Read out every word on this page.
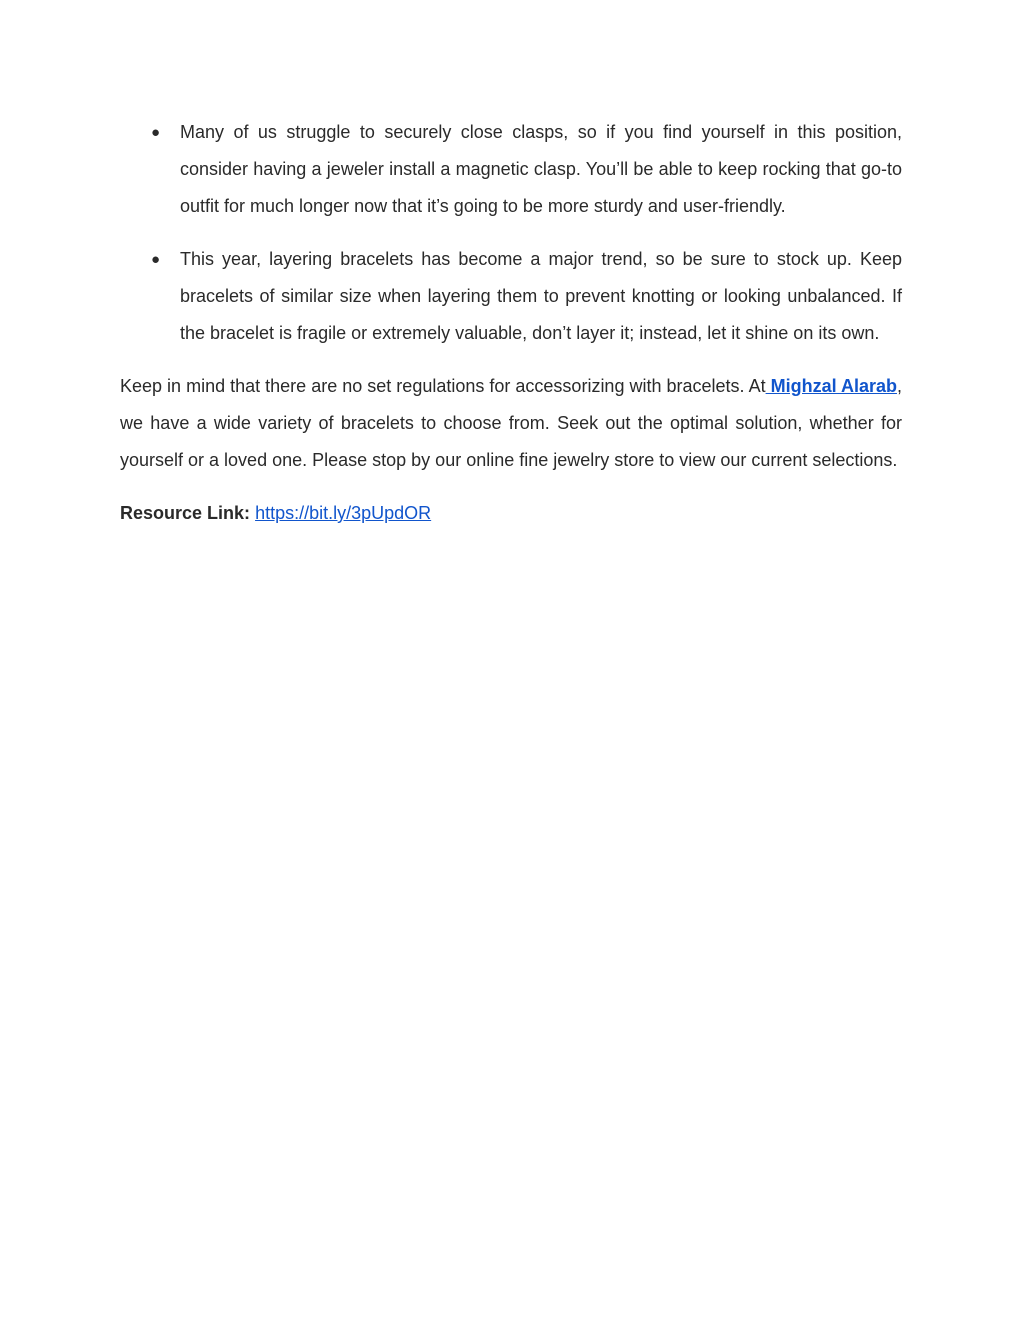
● Many of us struggle to securely close clasps, so if you find yourself in this position, consider having a jeweler install a magnetic clasp. You’ll be able to keep rocking that go-to outfit for much longer now that it’s going to be more sturdy and user-friendly.

● This year, layering bracelets has become a major trend, so be sure to stock up. Keep bracelets of similar size when layering them to prevent knotting or looking unbalanced. If the bracelet is fragile or extremely valuable, don’t layer it; instead, let it shine on its own.

Keep in mind that there are no set regulations for accessorizing with bracelets. At Mighzal Alarab, we have a wide variety of bracelets to choose from. Seek out the optimal solution, whether for yourself or a loved one. Please stop by our online fine jewelry store to view our current selections.

Resource Link: https://bit.ly/3pUpdOR
